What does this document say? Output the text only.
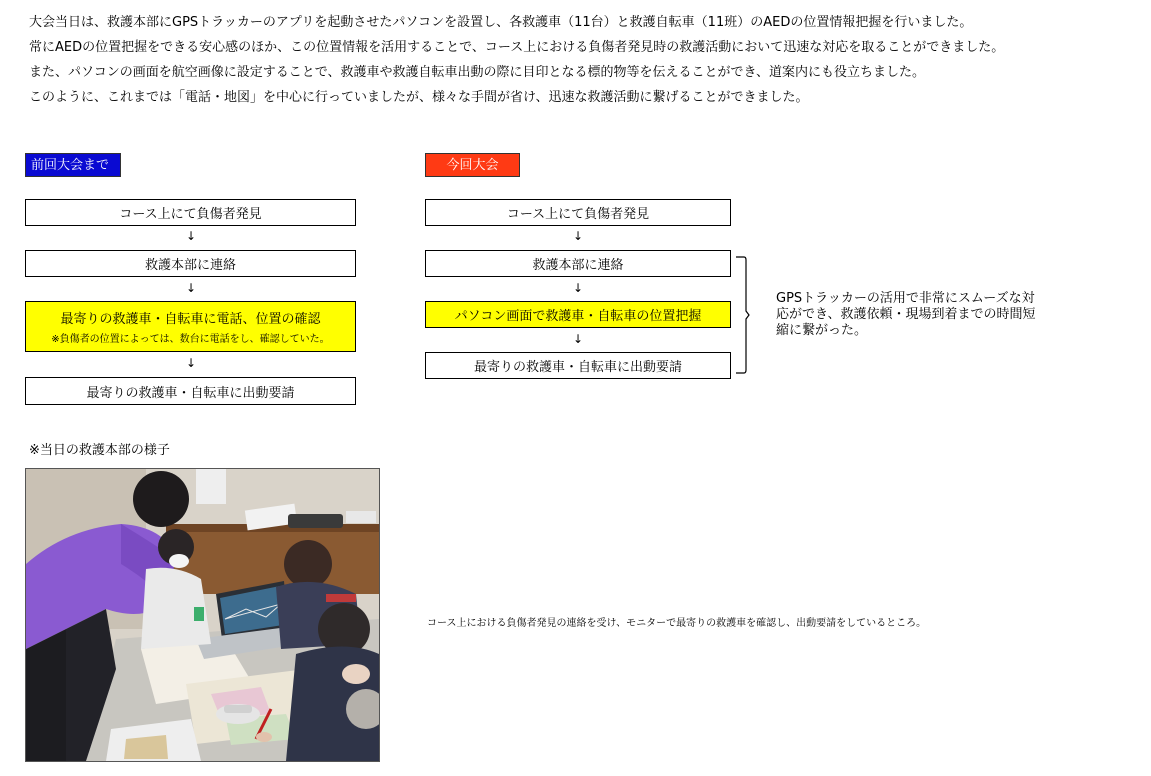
大会当日は、救護本部にGPSトラッカーのアプリを起動させたパソコンを設置し、各救護車（11台）と救護自転車（11班）のAEDの位置情報把握を行いました。

常にAEDの位置把握をできる安心感のほか、この位置情報を活用することで、コース上における負傷者発見時の救護活動において迅速な対応を取ることができました。

また、パソコンの画面を航空画像に設定することで、救護車や救護自転車出動の際に目印となる標的物等を伝えることができ、道案内にも役立ちました。

このように、これまでは「電話・地図」を中心に行っていましたが、様々な手間が省け、迅速な救護活動に繋げることができました。

前回大会まで
コース上にて負傷者発見
↓
救護本部に連絡
↓
最寄りの救護車・自転車に電話、位置の確認
※負傷者の位置によっては、数台に電話をし、確認していた。
↓
最寄りの救護車・自転車に出動要請
今回大会
コース上にて負傷者発見
↓
救護本部に連絡
↓
パソコン画面で救護車・自転車の位置把握
↓
最寄りの救護車・自転車に出動要請
GPSトラッカーの活用で非常にスムーズな対応ができ、救護依頼・現場到着までの時間短縮に繋がった。
※当日の救護本部の様子
コース上における負傷者発見の連絡を受け、モニターで最寄りの救護車を確認し、出動要請をしているところ。
